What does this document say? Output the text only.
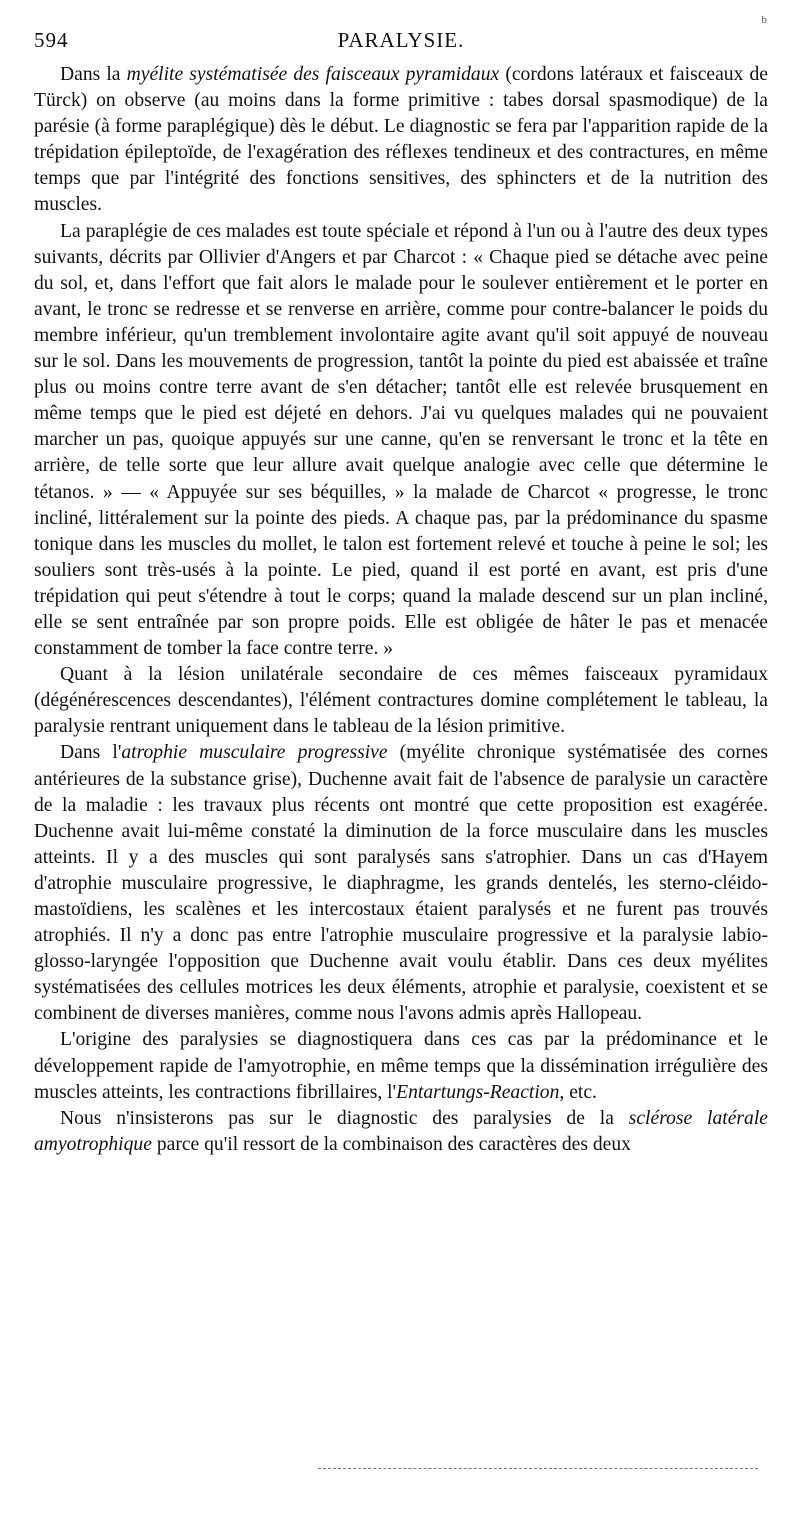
594	PARALYSIE.
b

Dans la myélite systématisée des faisceaux pyramidaux (cordons latéraux et faisceaux de Türck) on observe (au moins dans la forme primitive : tabes dorsal spasmodique) de la parésie (à forme paraplégique) dès le début. Le diagnostic se fera par l'apparition rapide de la trépidation épileptoïde, de l'exagération des réflexes tendineux et des contractures, en même temps que par l'intégrité des fonctions sensitives, des sphincters et de la nutrition des muscles.

La paraplégie de ces malades est toute spéciale et répond à l'un ou à l'autre des deux types suivants, décrits par Ollivier d'Angers et par Charcot : « Chaque pied se détache avec peine du sol, et, dans l'effort que fait alors le malade pour le soulever entièrement et le porter en avant, le tronc se redresse et se renverse en arrière, comme pour contre-balancer le poids du membre inférieur, qu'un tremblement involontaire agite avant qu'il soit appuyé de nouveau sur le sol. Dans les mouvements de progression, tantôt la pointe du pied est abaissée et traîne plus ou moins contre terre avant de s'en détacher; tantôt elle est relevée brusquement en même temps que le pied est déjeté en dehors. J'ai vu quelques malades qui ne pouvaient marcher un pas, quoique appuyés sur une canne, qu'en se renversant le tronc et la tête en arrière, de telle sorte que leur allure avait quelque analogie avec celle que détermine le tétanos. » — « Appuyée sur ses béquilles, » la malade de Charcot « progresse, le tronc incliné, littéralement sur la pointe des pieds. A chaque pas, par la prédominance du spasme tonique dans les muscles du mollet, le talon est fortement relevé et touche à peine le sol; les souliers sont très-usés à la pointe. Le pied, quand il est porté en avant, est pris d'une trépidation qui peut s'étendre à tout le corps; quand la malade descend sur un plan incliné, elle se sent entraînée par son propre poids. Elle est obligée de hâter le pas et menacée constamment de tomber la face contre terre. »

Quant à la lésion unilatérale secondaire de ces mêmes faisceaux pyramidaux (dégénérescences descendantes), l'élément contractures domine complétement le tableau, la paralysie rentrant uniquement dans le tableau de la lésion primitive.

Dans l'atrophie musculaire progressive (myélite chronique systématisée des cornes antérieures de la substance grise), Duchenne avait fait de l'absence de paralysie un caractère de la maladie : les travaux plus récents ont montré que cette proposition est exagérée. Duchenne avait lui-même constaté la diminution de la force musculaire dans les muscles atteints. Il y a des muscles qui sont paralysés sans s'atrophier. Dans un cas d'Hayem d'atrophie musculaire progressive, le diaphragme, les grands dentelés, les sterno-cléido-mastoïdiens, les scalènes et les intercostaux étaient paralysés et ne furent pas trouvés atrophiés. Il n'y a donc pas entre l'atrophie musculaire progressive et la paralysie labio-glosso-laryngée l'opposition que Duchenne avait voulu établir. Dans ces deux myélites systématisées des cellules motrices les deux éléments, atrophie et paralysie, coexistent et se combinent de diverses manières, comme nous l'avons admis après Hallopeau.

L'origine des paralysies se diagnostiquera dans ces cas par la prédominance et le développement rapide de l'amyotrophie, en même temps que la dissémination irrégulière des muscles atteints, les contractions fibrillaires, l'Entartungs-Reaction, etc.

Nous n'insisterons pas sur le diagnostic des paralysies de la sclérose latérale amyotrophique parce qu'il ressort de la combinaison des caractères des deux
